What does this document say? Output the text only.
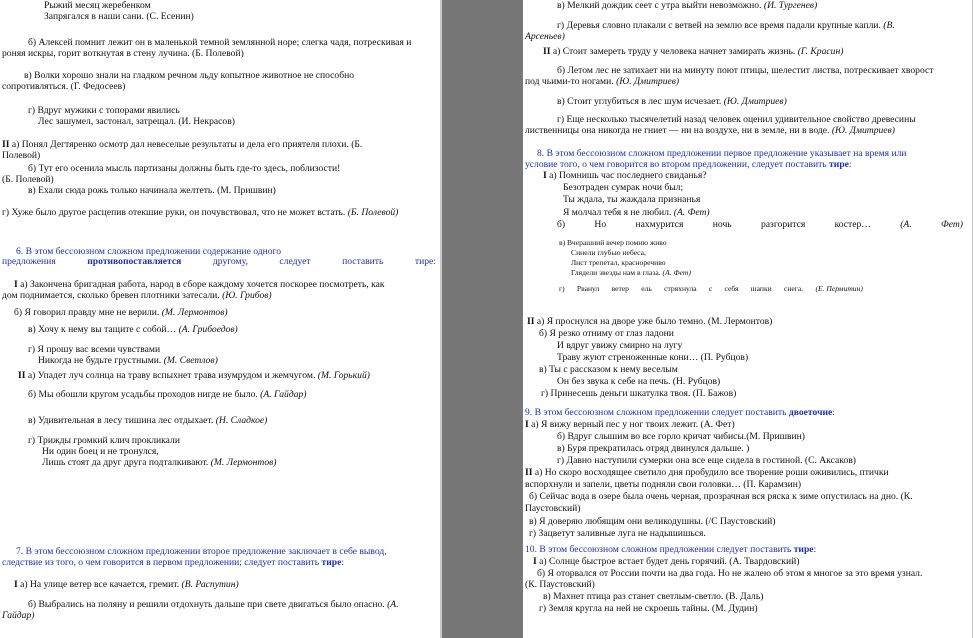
Рыжий месяц жеребенком
Запрягался в наши сани. (С. Есенин)
б) Алексей помнит лежит он в маленькой темной землянной норе; слегка чадя, потрескивая и
роняя искры, горит воткнутая в стену лучина. (Б. Полевой)
в) Волки хорошо знали на гладком речном льду копытное животное не способно
сопротивляться. (Г. Федосеев)
г) Вдруг мужики с топорами явились
Лес зашумел, застонал, затрещал. (И. Некрасов)
II а) Понял Дегтяренко осмотр дал невеселые результаты и дела его приятеля плохи. (Б.
Полевой)
б) Тут его осенила мысль партизаны должны быть где-то здесь, поблизости!
(Б. Полевой)
в) Ехали сюда рожь только начинала желтеть. (М. Пришвин)
г) Хуже было другое расцепив отекшие руки, он почувствовал, что не может встать. (Б. Полевой)
6. В этом бессоюзном сложном предложении содержание одного
предложения	противопоставляется	другому,	следует	поставить	тире:
I а) Закончена бригадная работа, народ в сборе каждому хочется поскорее посмотреть, как
дом поднимается, сколько бревен плотники затесали. (Ю. Грибов)
б) Я говорил правду мне не верили. (М. Лермонтов)
в) Хочу к нему вы тащите с собой… (А. Грибоедов)
г) Я прошу вас всеми чувствами
Никогда не будьте грустными. (М. Светлов)
II а) Упадет луч солнца на траву вспыхнет трава изумрудом и жемчугом. (М. Горький)
б) Мы обошли кругом усадьбы проходов нигде не было. (А. Гайдар)
в) Удивительная в лесу тишина лес отдыхает. (Н. Сладкое)
г) Трижды громкий клич прокликали
Ни один боец и не тронулся,
Лишь стоят да друг друга подталкивают. (М. Лермонтов)
7. В этом бессоюзном сложном предложении второе предложение заключает в себе вывод,
следствие из того, о чем говорится в первом предложении; следует поставить тире:
I а) На улице ветер все качается, гремит. (В. Распутин)
б) Выбрались на поляну и решили отдохнуть дальше при свете двигаться было опасно. (А.
Гайдар)
в) Мелкий дождик сеет с утра выйти невозможно. (И. Тургенев)
г) Деревья словно плакали с ветвей на землю все время падали крупные капли. (В.
Арсеньев)
II а) Стоит замереть труду у человека начнет замирать жизнь. (Г. Красин)
б) Летом лес не затихает ни на минуту поют птицы, шелестит листва, потрескивает хворост
под чьими-то ногами. (Ю. Дмитриев)
в) Стоит углубиться в лес шум исчезает. (Ю. Дмитриев)
г) Еще несколько тысячелетий назад человек оценил удивительное свойство древесины
лиственницы она никогда не гниет — ни на воздухе, ни в земле, ни в воде. (Ю. Дмитриев)
8. В этом бессоюзном сложном предложении первое предложение указывает на время или
условие того, о чем говорится во втором предложении, следует поставить тире:
I а) Помнишь час последнего свиданья?
Безотраден сумрак ночи был;
Ты ждала, ты жаждала признанья
Я молчал тебя я не любил. (А. Фет)
б)	Но	нахмурится	ночь	разгорится	костер…	(А.	Фет)
в) Вчерашний вечер помню живо
Синели глубью небеса,
Лист трепетал, красноречиво
Глядели звезды нам в глаза. (А. Фет)
г) Рванул ветер ель стряхнула с себя шапки снега. (Е. Пермитин)
II а) Я проснулся на дворе уже было темно. (М. Лермонтов)
б) Я резко отниму от глаз ладони
И вдруг увижу смирно на лугу
Траву жуют стреноженные кони… (П. Рубцов)
в) Ты с рассказом к нему веселым
Он без звука к себе на печь. (Н. Рубцов)
г) Принесешь деньги шкатулка твоя. (П. Бажов)
9. В этом бессоюзном сложном предложении следует поставить двоеточие:
I а) Я вижу верный пес у ног твоих лежит. (А. Фет)
б) Вдруг слышим во все горло кричат чибисы.(М. Пришвин)
в) Буря прекратилась отряд двинулся дальше. )
г) Давно наступили сумерки она все еще сидела в гостиной. (С. Аксаков)
II а) Но скоро восходящее светило дня пробудило все творение роши оживились, птички
вспорхнули и запели, цветы подняли свои головки… (П. Карамзин)
б) Сейчас вода в озере была очень черная, прозрачная вся ряска к зиме опустилась на дно. (К.
Паустовский)
в) Я доверяю любящим они великодушны. (/С Паустовский)
г) Зацветут заливные луга не надышишься.
10. В этом бессоюзном сложном предложении следует поставить тире:
I а) Солнце быстрое встает будет день горячий. (А. Твардовский)
б) Я оторвался от России почти на два года. Но не жалею об этом я многое за это время узнал.
(К. Паустовский)
в) Махнет птица раз станет светлым-светло. (В. Даль)
г) Земля кругла на ней не скроешь тайны. (М. Дудин)
